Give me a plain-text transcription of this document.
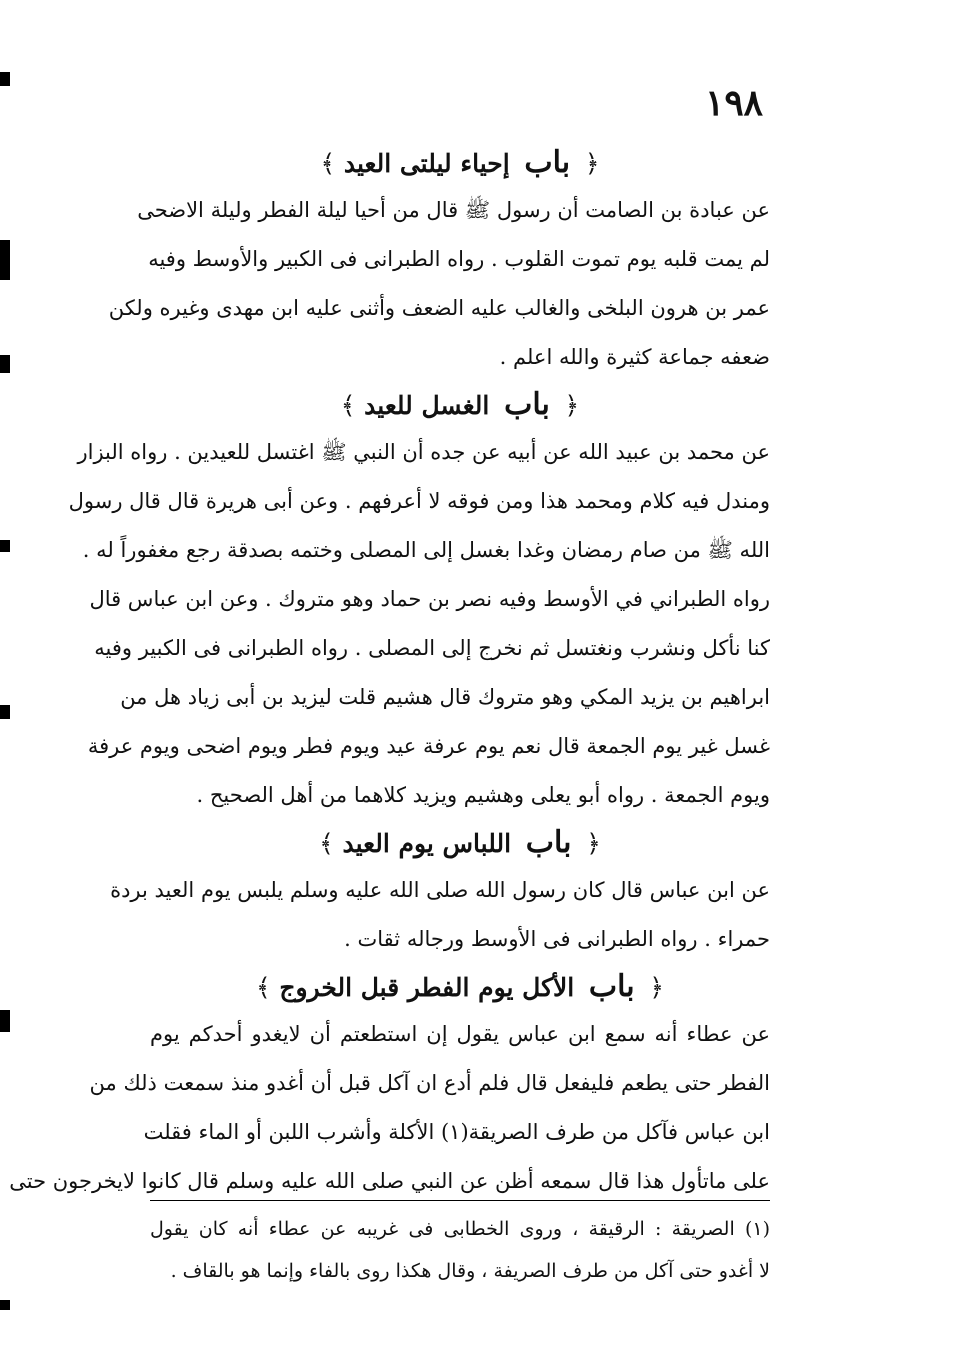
١٩٨
﴿ باب إحياء ليلتى العيد ﴾
عن عبادة بن الصامت أن رسول ﷺ قال من أحيا ليلة الفطر وليلة الاضحى
لم يمت قلبه يوم تموت القلوب . رواه الطبرانى فى الكبير والأوسط وفيه
عمر بن هرون البلخى والغالب عليه الضعف وأثنى عليه ابن مهدى وغيره ولكن
ضعفه جماعة كثيرة والله اعلم .
﴿ باب الغسل للعيد ﴾
عن محمد بن عبيد الله عن أبيه عن جده أن النبي ﷺ اغتسل للعيدين . رواه البزار
ومندل فيه كلام ومحمد هذا ومن فوقه لا أعرفهم . وعن أبى هريرة قال قال رسول
الله ﷺ من صام رمضان وغدا بغسل إلى المصلى وختمه بصدقة رجع مغفوراً له .
رواه الطبراني في الأوسط وفيه نصر بن حماد وهو متروك . وعن ابن عباس قال
كنا نأكل ونشرب ونغتسل ثم نخرج إلى المصلى . رواه الطبرانى فى الكبير وفيه
ابراهيم بن يزيد المكي وهو متروك قال هشيم قلت ليزيد بن أبى زياد هل من
غسل غير يوم الجمعة قال نعم يوم عرفة عيد ويوم فطر ويوم اضحى ويوم عرفة
ويوم الجمعة . رواه أبو يعلى وهشيم ويزيد كلاهما من أهل الصحيح .
﴿ باب اللباس يوم العيد ﴾
عن ابن عباس قال كان رسول الله صلى الله عليه وسلم يلبس يوم العيد بردة
حمراء . رواه الطبرانى فى الأوسط ورجاله ثقات .
﴿ باب الأكل يوم الفطر قبل الخروج ﴾
عن عطاء أنه سمع ابن عباس يقول إن استطعتم أن لايغدو أحدكم يوم
الفطر حتى يطعم فليفعل قال فلم أدع ان آكل قبل أن أغدو منذ سمعت ذلك من
ابن عباس فآكل من طرف الصريقة(١) الأكلة وأشرب اللبن أو الماء فقلت
على ماتأول هذا قال سمعه أظن عن النبي صلى الله عليه وسلم قال كانوا لايخرجون حتى
(١) الصريقة : الرقيقة ، وروى الخطابى فى غريبه عن عطاء أنه كان يقول
لا أغدو حتى آكل من طرف الصريفة ، وقال هكذا روى بالفاء وإنما هو بالقاف .
